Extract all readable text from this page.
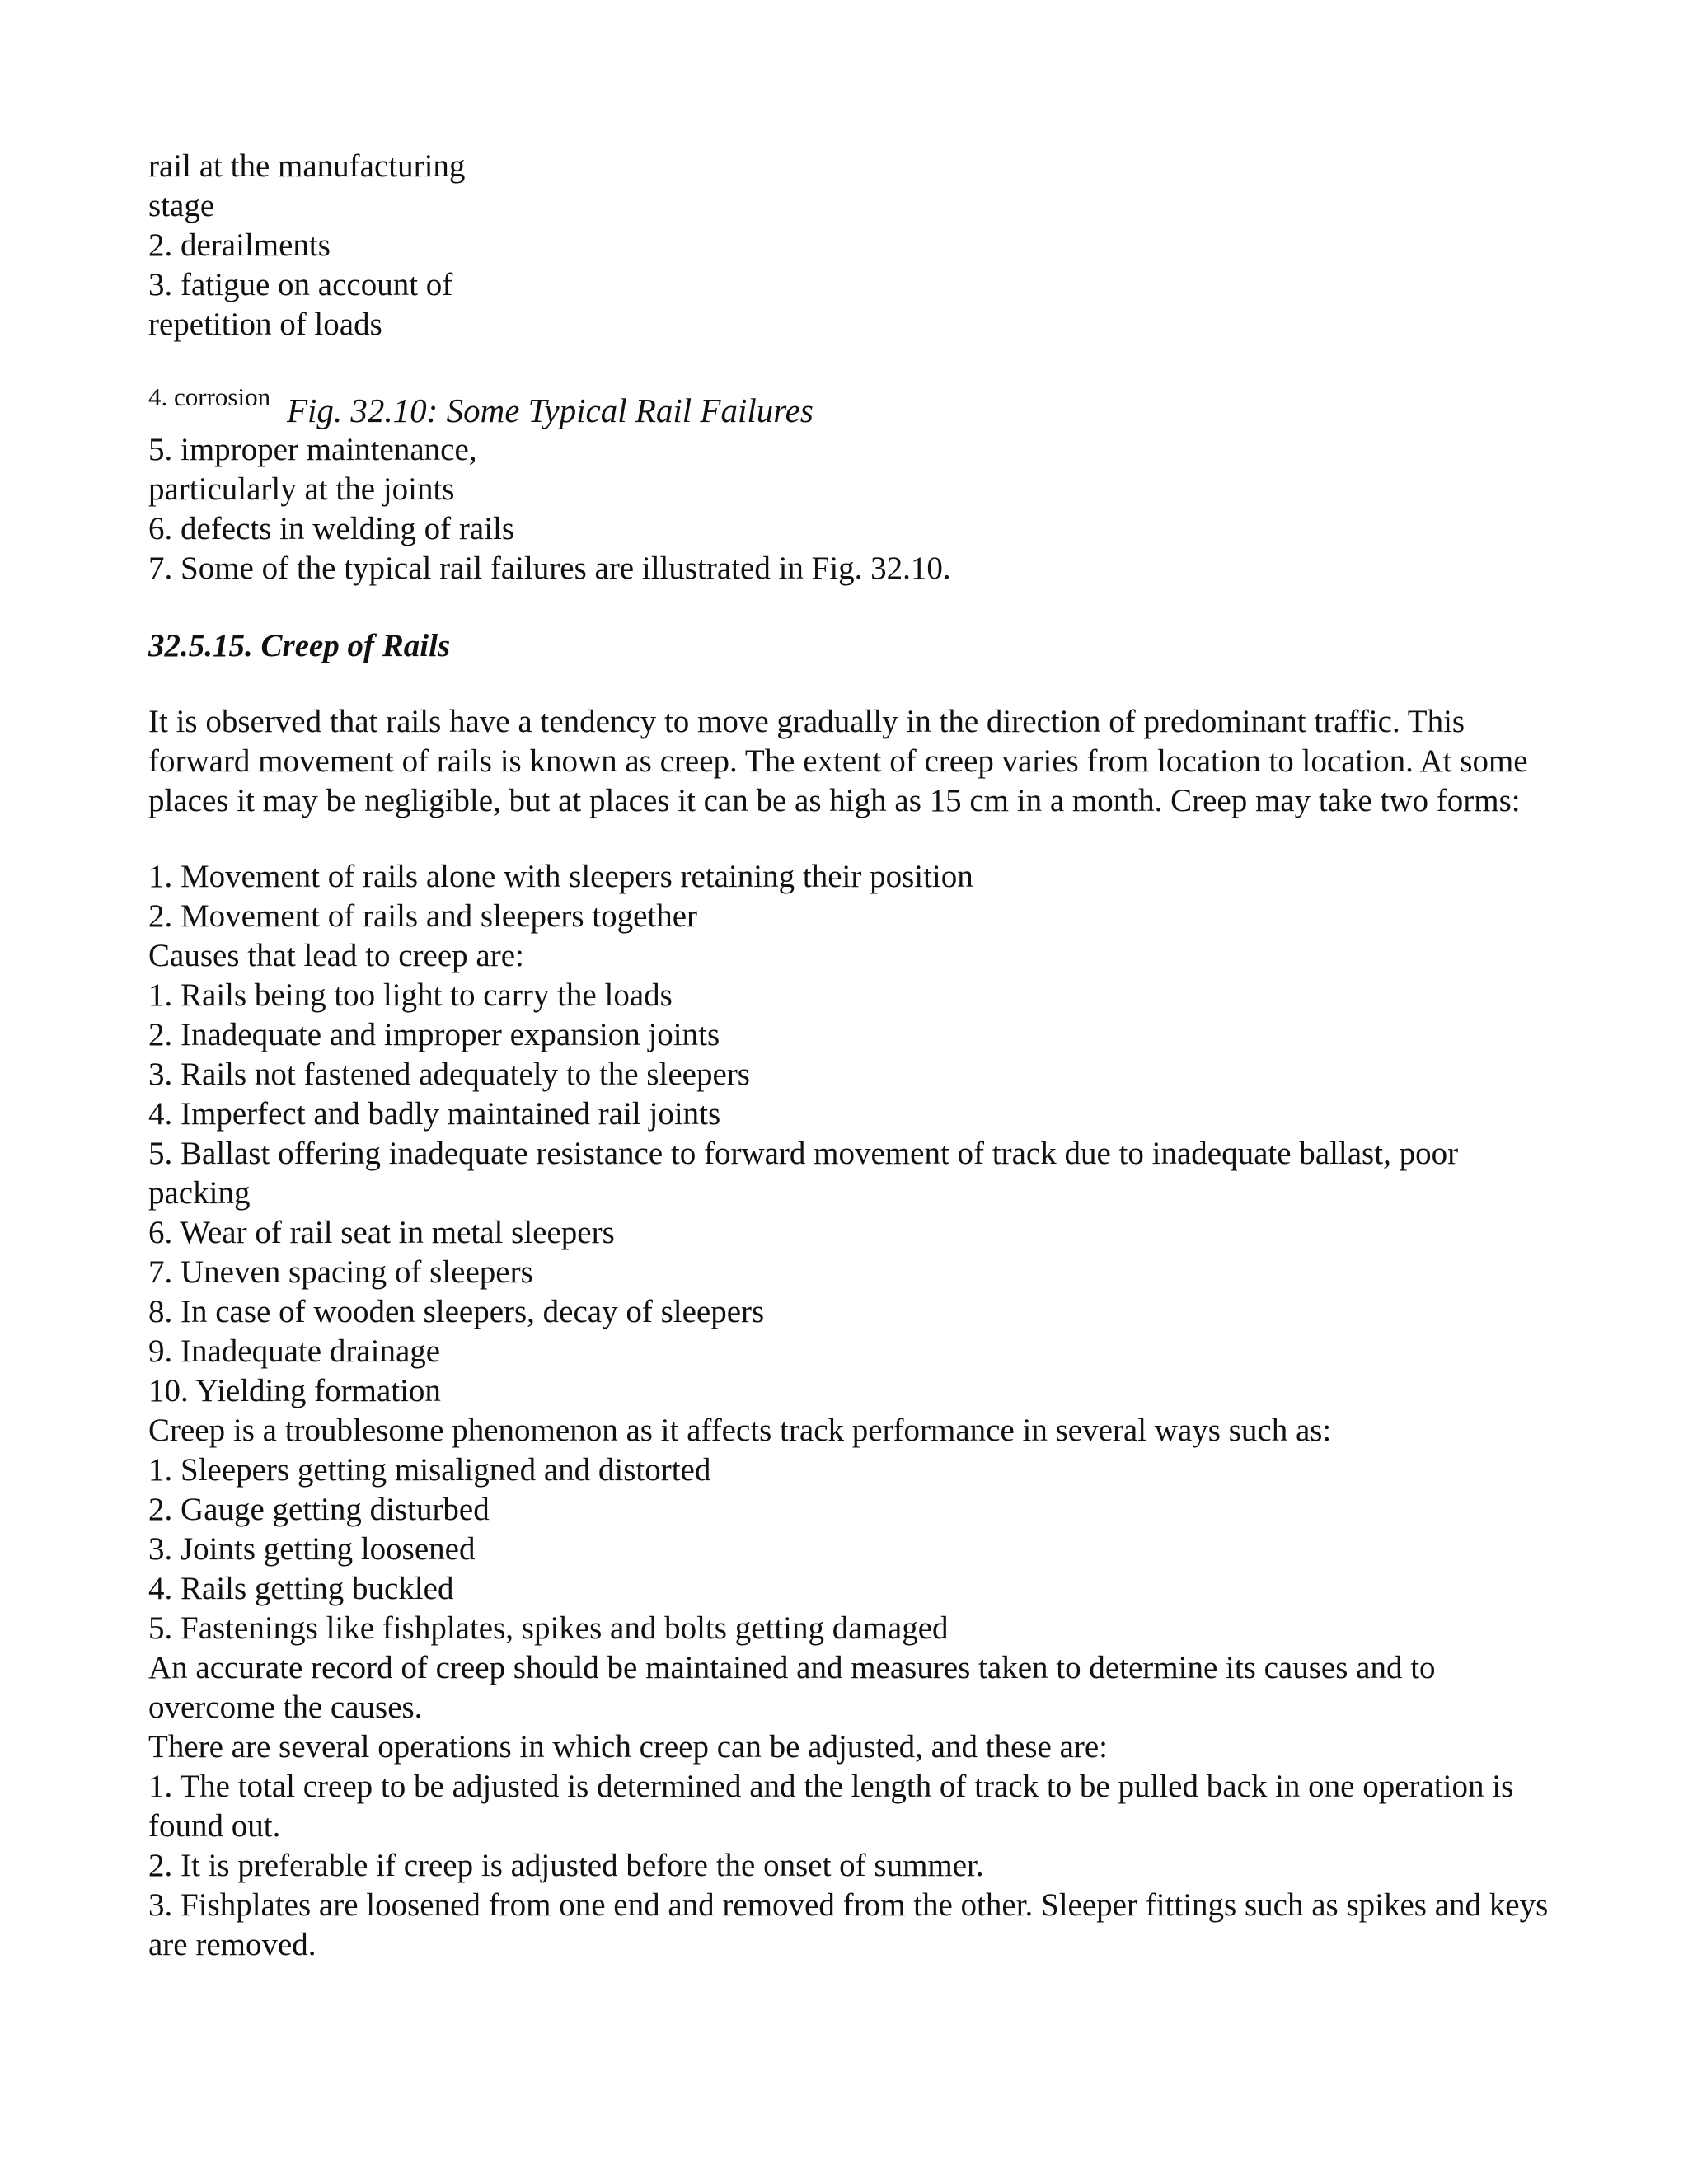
rail at the manufacturing
stage
2. derailments
3. fatigue on account of
repetition of loads
4. corrosion Fig. 32.10: Some Typical Rail Failures
5. improper maintenance,
particularly at the joints
6. defects in welding of rails
7. Some of the typical rail failures are illustrated in Fig. 32.10.
32.5.15. Creep of Rails
It is observed that rails have a tendency to move gradually in the direction of predominant traffic. This forward movement of rails is known as creep. The extent of creep varies from location to location. At some places it may be negligible, but at places it can be as high as 15 cm in a month. Creep may take two forms:
1. Movement of rails alone with sleepers retaining their position
2. Movement of rails and sleepers together
Causes that lead to creep are:
1. Rails being too light to carry the loads
2. Inadequate and improper expansion joints
3. Rails not fastened adequately to the sleepers
4. Imperfect and badly maintained rail joints
5. Ballast offering inadequate resistance to forward movement of track due to inadequate ballast, poor packing
6. Wear of rail seat in metal sleepers
7. Uneven spacing of sleepers
8. In case of wooden sleepers, decay of sleepers
9. Inadequate drainage
10. Yielding formation
Creep is a troublesome phenomenon as it affects track performance in several ways such as:
1. Sleepers getting misaligned and distorted
2. Gauge getting disturbed
3. Joints getting loosened
4. Rails getting buckled
5. Fastenings like fishplates, spikes and bolts getting damaged
An accurate record of creep should be maintained and measures taken to determine its causes and to overcome the causes.
There are several operations in which creep can be adjusted, and these are:
1. The total creep to be adjusted is determined and the length of track to be pulled back in one operation is found out.
2. It is preferable if creep is adjusted before the onset of summer.
3. Fishplates are loosened from one end and removed from the other. Sleeper fittings such as spikes and keys are removed.
